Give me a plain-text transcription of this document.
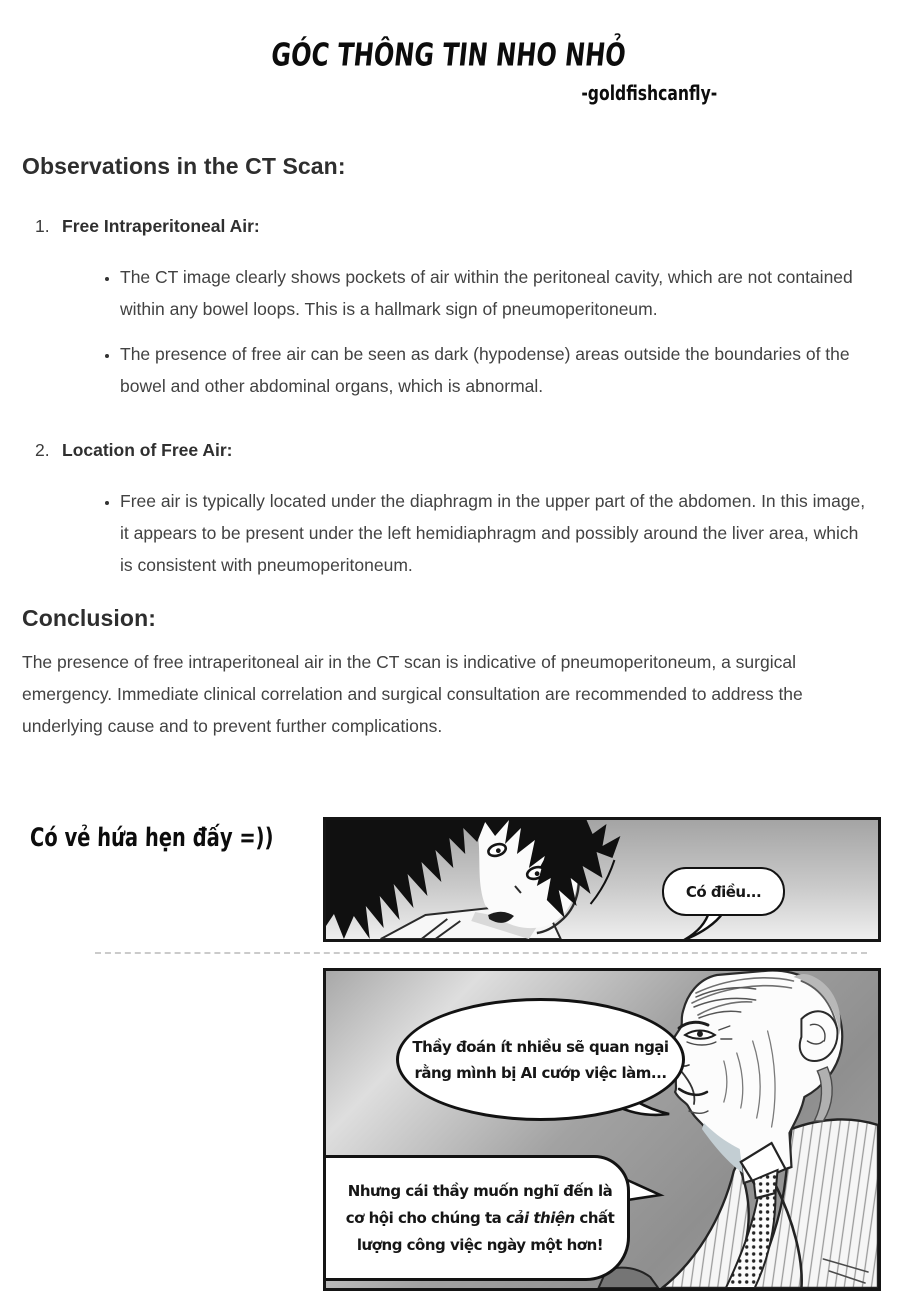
GÓC THÔNG TIN NHO NHỎ
-goldfishcanfly-
Observations in the CT Scan:
1. Free Intraperitoneal Air:
• The CT image clearly shows pockets of air within the peritoneal cavity, which are not contained within any bowel loops. This is a hallmark sign of pneumoperitoneum.
• The presence of free air can be seen as dark (hypodense) areas outside the boundaries of the bowel and other abdominal organs, which is abnormal.
2. Location of Free Air:
• Free air is typically located under the diaphragm in the upper part of the abdomen. In this image, it appears to be present under the left hemidiaphragm and possibly around the liver area, which is consistent with pneumoperitoneum.
Conclusion:

The presence of free intraperitoneal air in the CT scan is indicative of pneumoperitoneum, a surgical emergency. Immediate clinical correlation and surgical consultation are recommended to address the underlying cause and to prevent further complications.

Có vẻ hứa hẹn đấy =))
Có điều...
Thầy đoán ít nhiều sẽ quan ngại
rằng mình bị AI cướp việc làm...
Nhưng cái thầy muốn nghĩ đến là
cơ hội cho chúng ta cải thiện chất
lượng công việc ngày một hơn!
